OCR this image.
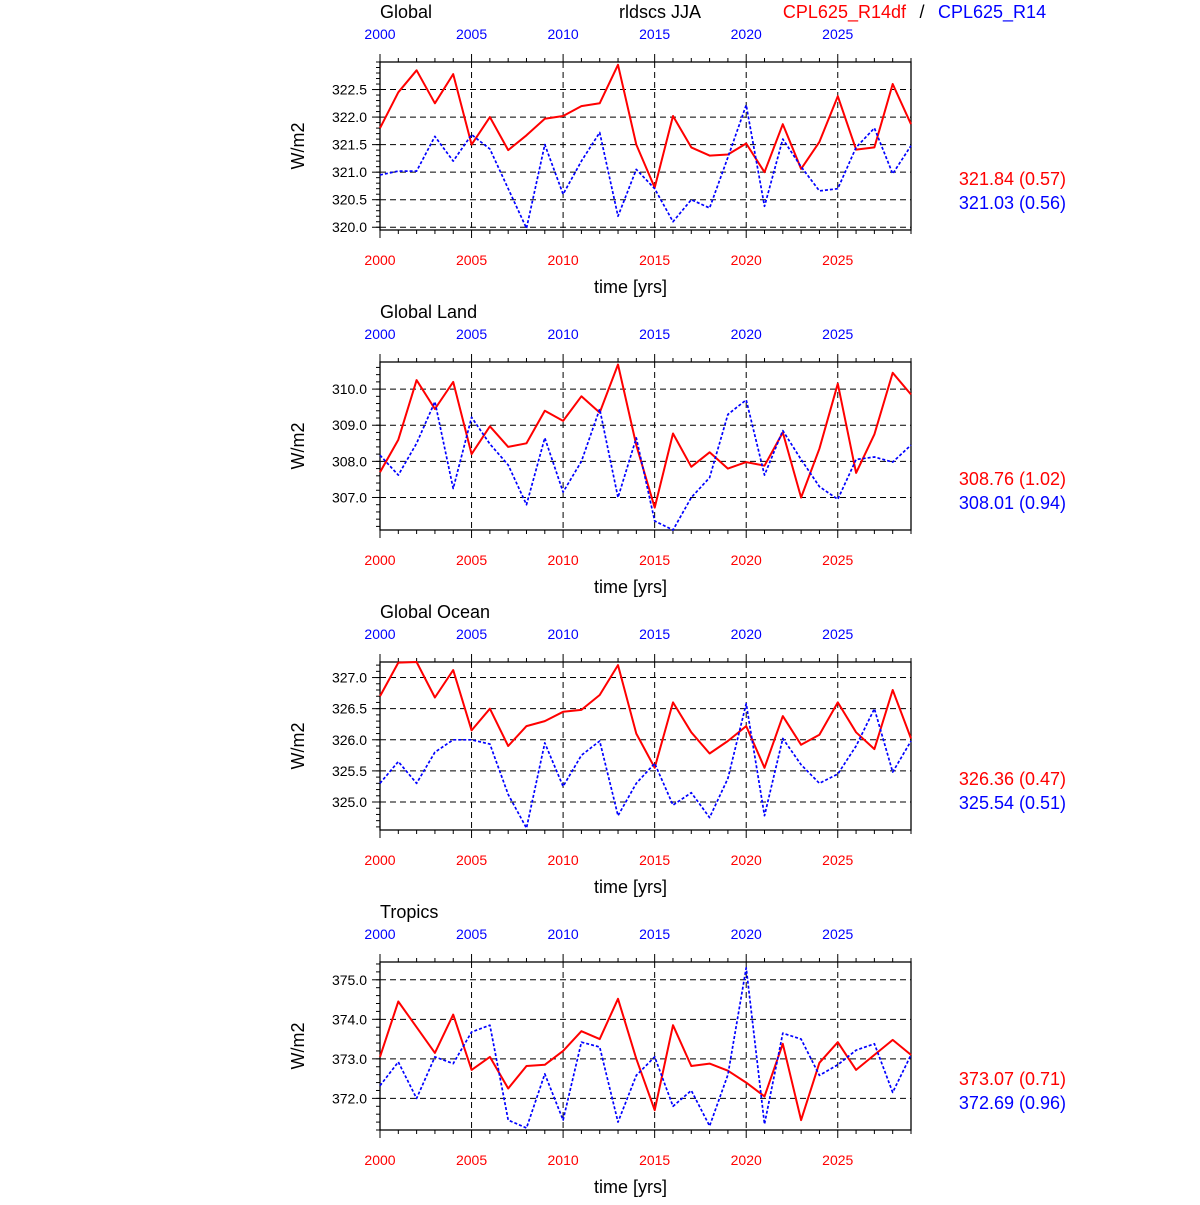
rldscs JJA	CPL625_R14df / CPL625_R14
2000
2000
2005
2005
2010
2010
2015
2015
2020
2020
2025
2025
320.0
320.5
321.0
321.5
322.0
322.5
Global
time [yrs]
W/m2
321.84 (0.57)
321.03 (0.56)
2000
2000
2005
2005
2010
2010
2015
2015
2020
2020
2025
2025
307.0
308.0
309.0
310.0
Global Land
time [yrs]
W/m2
308.76 (1.02)
308.01 (0.94)
2000
2000
2005
2005
2010
2010
2015
2015
2020
2020
2025
2025
325.0
325.5
326.0
326.5
327.0
Global Ocean
time [yrs]
W/m2
326.36 (0.47)
325.54 (0.51)
2000
2000
2005
2005
2010
2010
2015
2015
2020
2020
2025
2025
372.0
373.0
374.0
375.0
Tropics
time [yrs]
W/m2
373.07 (0.71)
372.69 (0.96)
